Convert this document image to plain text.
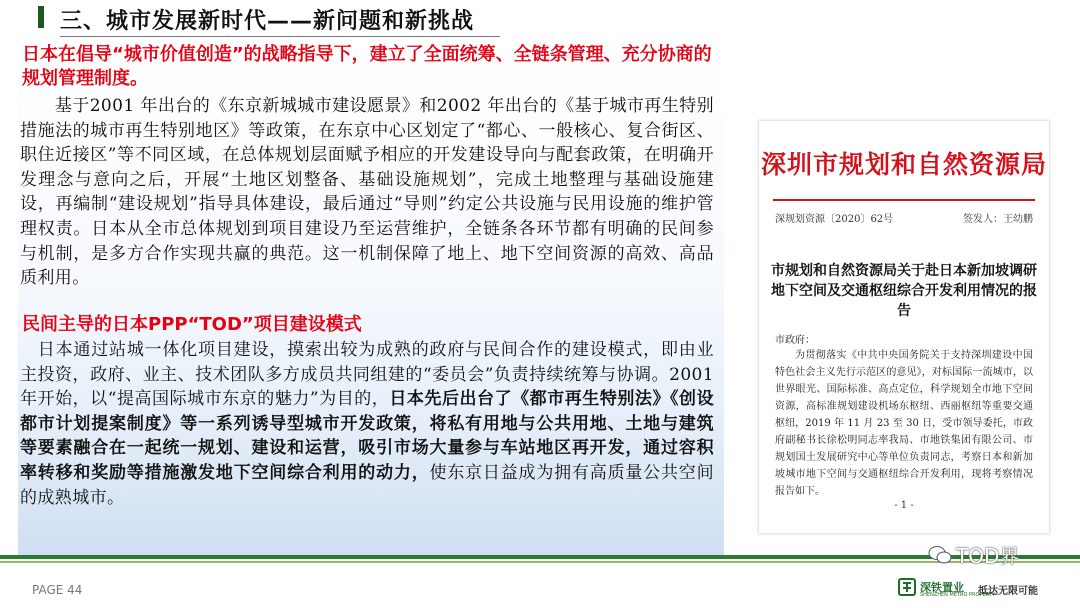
三、城市发展新时代——新问题和新挑战
日本在倡导“城市价值创造”的战略指导下，建立了全面统筹、全链条管理、充分协商的规划管理制度。
　　基于2001 年出台的《东京新城城市建设愿景》和2002 年出台的《基于城市再生特别措施法的城市再生特别地区》等政策，在东京中心区划定了“都心、一般核心、复合街区、职住近接区”等不同区域，在总体规划层面赋予相应的开发建设导向与配套政策，在明确开发理念与意向之后，开展“土地区划整备、基础设施规划”，完成土地整理与基础设施建设，再编制“建设规划”指导具体建设，最后通过“导则”约定公共设施与民用设施的维护管理权责。日本从全市总体规划到项目建设乃至运营维护，全链条各环节都有明确的民间参与机制，是多方合作实现共赢的典范。这一机制保障了地上、地下空间资源的高效、高品质利用。
民间主导的日本PPP“TOD”项目建设模式
　日本通过站城一体化项目建设，摸索出较为成熟的政府与民间合作的建设模式，即由业主投资，政府、业主、技术团队多方成员共同组建的“委员会”负责持续统筹与协调。2001 年开始，以“提高国际城市东京的魅力”为目的，日本先后出台了《都市再生特别法》《创设都市计划提案制度》等一系列诱导型城市开发政策，将私有用地与公共用地、土地与建筑等要素融合在一起统一规划、建设和运营，吸引市场大量参与车站地区再开发，通过容积率转移和奖励等措施激发地下空间综合利用的动力，使东京日益成为拥有高质量公共空间的成熟城市。
深圳市规划和自然资源局
深规划资源〔2020〕62号	签发人：王幼鹏
市规划和自然资源局关于赴日本新加坡调研地下空间及交通枢纽综合开发利用情况的报告
市政府：
为贯彻落实《中共中央国务院关于支持深圳建设中国特色社会主义先行示范区的意见》，对标国际一流城市，以世界眼光、国际标准、高点定位，科学规划全市地下空间资源，高标准规划建设机场东枢纽、西丽枢纽等重要交通枢纽，2019 年 11 月 23 至 30 日，受市领导委托，市政府副秘书长徐松明同志率我局、市地铁集团有限公司、市规划国土发展研究中心等单位负责同志，考察日本和新加坡城市地下空间与交通枢纽综合开发利用，现将考察情况报告如下。
- 1 -
PAGE 44
TOD界
深铁置业
SHENZHEN METRO PROPERTY
抵达无限可能
